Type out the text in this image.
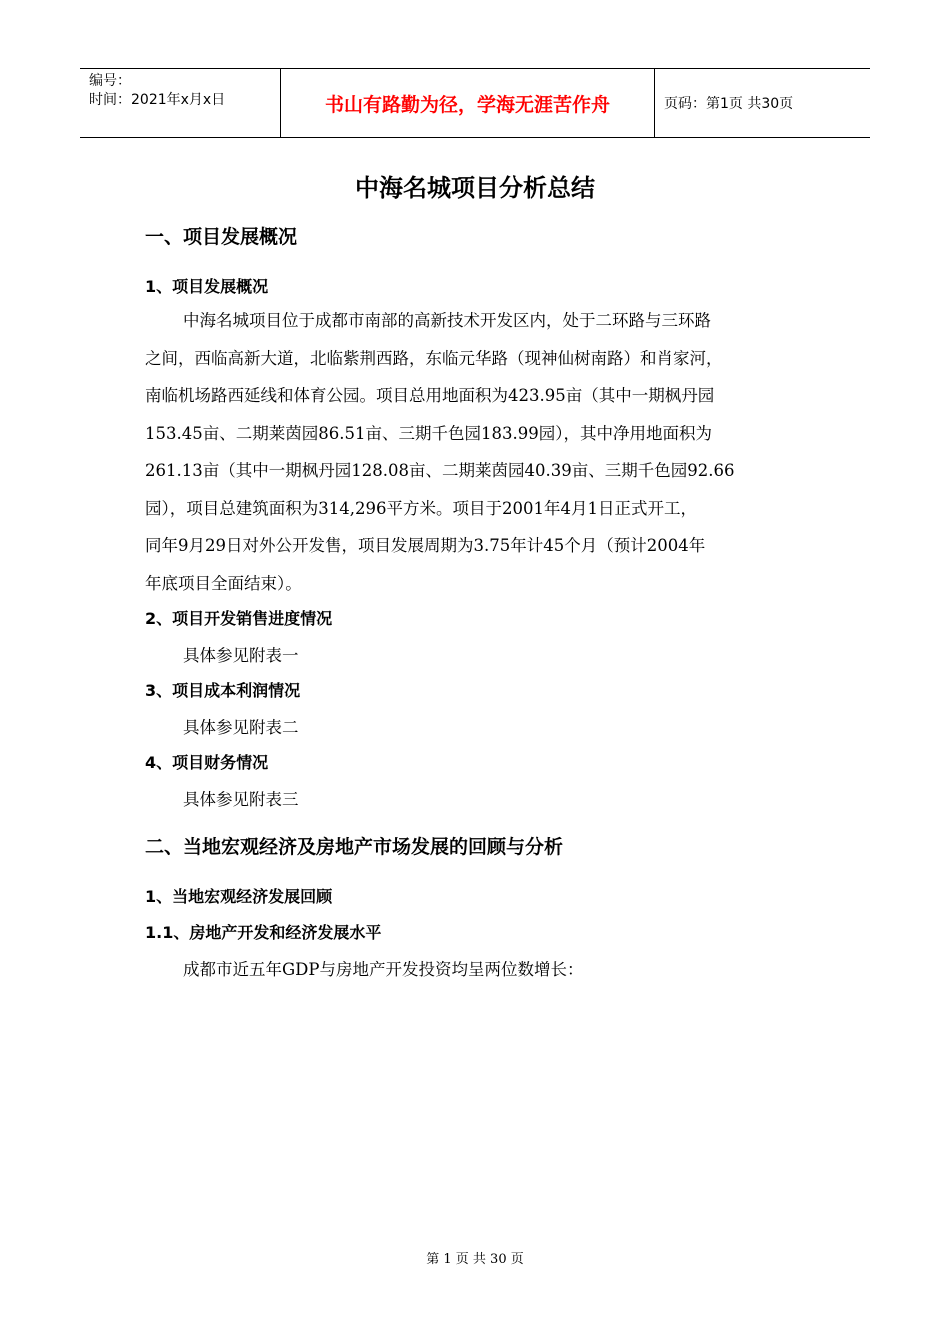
编号：
时间：2021年x月x日	书山有路勤为径，学海无涯苦作舟	页码：第1页 共30页
中海名城项目分析总结
一、项目发展概况
1、项目发展概况
中海名城项目位于成都市南部的高新技术开发区内，处于二环路与三环路
之间，西临高新大道，北临紫荆西路，东临元华路（现神仙树南路）和肖家河，
南临机场路西延线和体育公园。项目总用地面积为423.95亩（其中一期枫丹园
153.45亩、二期莱茵园86.51亩、三期千色园183.99园），其中净用地面积为
261.13亩（其中一期枫丹园128.08亩、二期莱茵园40.39亩、三期千色园92.66
园），项目总建筑面积为314,296平方米。项目于2001年4月1日正式开工，
同年9月29日对外公开发售，项目发展周期为3.75年计45个月（预计2004年
年底项目全面结束）。
2、项目开发销售进度情况
具体参见附表一
3、项目成本利润情况
具体参见附表二
4、项目财务情况
具体参见附表三
二、当地宏观经济及房地产市场发展的回顾与分析
1、当地宏观经济发展回顾
1.1、房地产开发和经济发展水平
成都市近五年GDP与房地产开发投资均呈两位数增长：
第 1 页 共 30 页
